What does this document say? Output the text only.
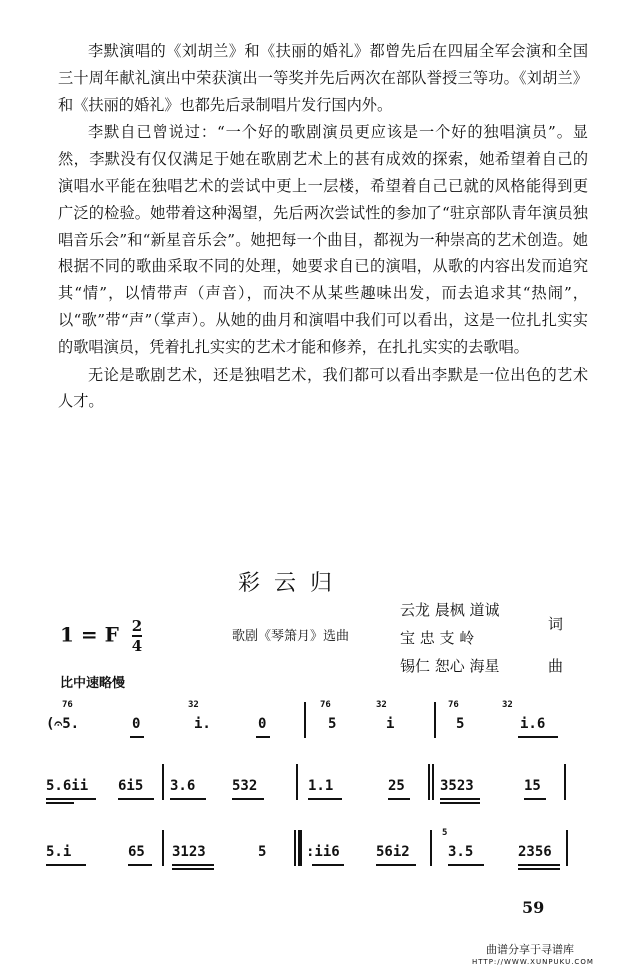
李默演唱的《刘胡兰》和《扶丽的婚礼》都曾先后在四届全军会演和全国三十周年献礼演出中荣获演出一等奖并先后两次在部队誉授三等功。《刘胡兰》和《扶丽的婚礼》也都先后录制唱片发行国内外。

李默自已曾说过：“一个好的歌剧演员更应该是一个好的独唱演员”。显然，李默没有仅仅满足于她在歌剧艺术上的甚有成效的探索，她希望着自己的演唱水平能在独唱艺术的尝试中更上一层楼，希望着自己已就的风格能得到更广泛的检验。她带着这种渴望，先后两次尝试性的参加了“驻京部队青年演员独唱音乐会”和“新星音乐会”。她把每一个曲目，都视为一种崇高的艺术创造。她根据不同的歌曲采取不同的处理，她要求自已的演唱，从歌的内容出发而追究其“情”，以情带声（声音），而决不从某些趣味出发，而去追求其“热闹”，以“歌”带“声”（掌声）。从她的曲月和演唱中我们可以看出，这是一位扎扎实实的歌唱演员，凭着扎扎实实的艺术才能和修养，在扎扎实实的去歌唱。

无论是歌剧艺术，还是独唱艺术，我们都可以看出李默是一位出色的艺术人才。

彩云归
1 = F $\frac{2}{4}$	歌剧《琴箫月》选曲
云龙 晨枫 道诚
宝 忠 支 岭
词
锡仁 恕心 海星	曲
比中速略慢
76
(𝄐5.	0
32
i.	0
76
5
32
i
76
5
32
i.6
5.6ii 6i5 3.6	532	1.1	25	3523	15
5.i	65 3123	5	:ii6	56i2
5
3.5	2356
59
曲谱分享于寻谱库
HTTP://WWW.XUNPUKU.COM
